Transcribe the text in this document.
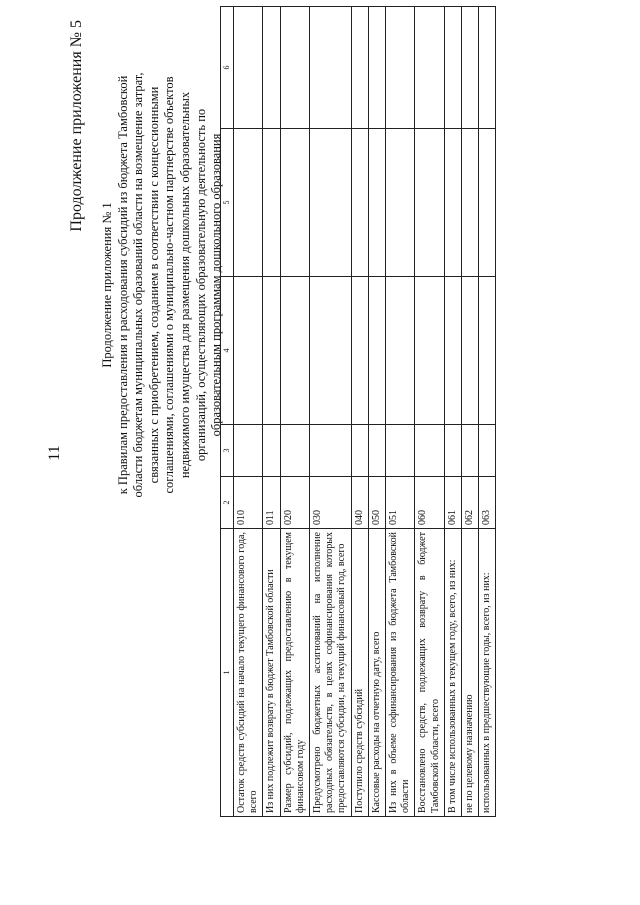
11
Продолжение приложения № 5
Продолжение приложения № 1 к Правилам предоставления и расходования субсидий из бюджета Тамбовской области бюджетам муниципальных образований области на возмещение затрат, связанных с приобретением, созданием в соответствии с концессионными соглашениями, соглашениями о муниципально-частном партнерстве объектов недвижимого имущества для размещения дошкольных образовательных организаций, осуществляющих образовательную деятельность по образовательным программам дошкольного образования
1	2	3	4	5	6
Остаток средств субсидий на начало текущего финансового года, всего	010				
Из них подлежит возврату в бюджет Тамбовской области	011				
Размер субсидий, подлежащих предоставлению в текущем финансовом году	020				
Предусмотрено бюджетных ассигнований на исполнение расходных обязательств, в целях софинансирования которых предоставляются субсидии, на текущий финансовый год, всего	030				
Поступило средств субсидий	040				
Кассовые расходы на отчетную дату, всего	050				
Из них в объеме софинансирования из бюджета Тамбовской области	051				
Восстановлено средств, подлежащих возврату в бюджет Тамбовской области, всего	060				
В том числе использованных в текущем году, всего, из них:	061				
не по целевому назначению	062				
использованных в предшествующие годы, всего, из них:	063				
